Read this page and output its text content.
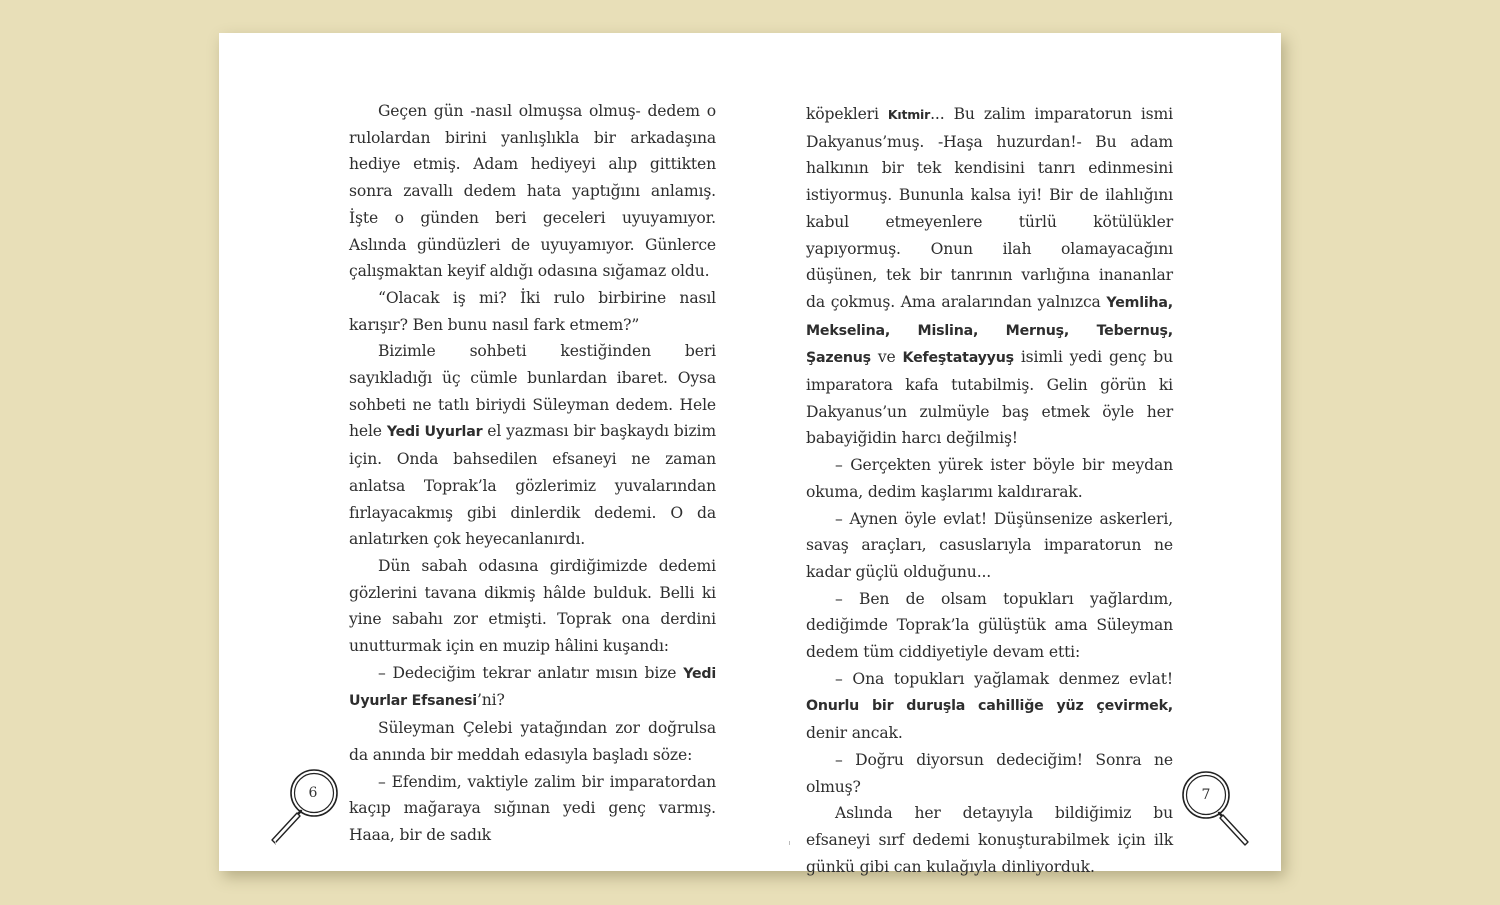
Geçen gün -nasıl olmuşsa olmuş- dedem o rulolardan birini yanlışlıkla bir arkadaşına hediye etmiş. Adam hediyeyi alıp gittikten sonra zavallı dedem hata yaptığını anlamış. İşte o günden beri geceleri uyuyamıyor. Aslında gündüzleri de uyuyamıyor. Günlerce çalışmaktan keyif aldığı odasına sığamaz oldu.

“Olacak iş mi? İki rulo birbirine nasıl karışır? Ben bunu nasıl fark etmem?”

Bizimle sohbeti kestiğinden beri sayıkladığı üç cümle bunlardan ibaret. Oysa sohbeti ne tatlı biriydi Süleyman dedem. Hele hele Yedi Uyurlar el yazması bir başkaydı bizim için. Onda bahsedilen efsaneyi ne zaman anlatsa Toprak’la gözlerimiz yuvalarından fırlayacakmış gibi dinlerdik dedemi. O da anlatırken çok heyecanlanırdı.

Dün sabah odasına girdiğimizde dedemi gözlerini tavana dikmiş hâlde bulduk. Belli ki yine sabahı zor etmişti. Toprak ona derdini unutturmak için en muzip hâlini kuşandı:

– Dedeciğim tekrar anlatır mısın bize Yedi Uyurlar Efsanesi’ni?

Süleyman Çelebi yatağından zor doğrulsa da anında bir meddah edasıyla başladı söze:

– Efendim, vaktiyle zalim bir imparatordan kaçıp mağaraya sığınan yedi genç varmış. Haaa, bir de sadık

köpekleri Kıtmir... Bu zalim imparatorun ismi Dakyanus’muş. -Haşa huzurdan!- Bu adam halkının bir tek kendisini tanrı edinmesini istiyormuş. Bununla kalsa iyi! Bir de ilahlığını kabul etmeyenlere türlü kötülükler yapıyormuş. Onun ilah olamayacağını düşünen, tek bir tanrının varlığına inananlar da çokmuş. Ama aralarından yalnızca Yemliha, Mekselina, Mislina, Mernuş, Tebernuş, Şazenuş ve Kefeştatayyuş isimli yedi genç bu imparatora kafa tutabilmiş. Gelin görün ki Dakyanus’un zulmüyle baş etmek öyle her babayiğidin harcı değilmiş!

– Gerçekten yürek ister böyle bir meydan okuma, dedim kaşlarımı kaldırarak.

– Aynen öyle evlat! Düşünsenize askerleri, savaş araçları, casuslarıyla imparatorun ne kadar güçlü olduğunu...

– Ben de olsam topukları yağlardım, dediğimde Toprak’la gülüştük ama Süleyman dedem tüm ciddiyetiyle devam etti:

– Ona topukları yağlamak denmez evlat! Onurlu bir duruşla cahilliğe yüz çevirmek, denir ancak.

– Doğru diyorsun dedeciğim! Sonra ne olmuş?

Aslında her detayıyla bildiğimiz bu efsaneyi sırf dedemi konuşturabilmek için ilk günkü gibi can kulağıyla dinliyorduk.

6	7
